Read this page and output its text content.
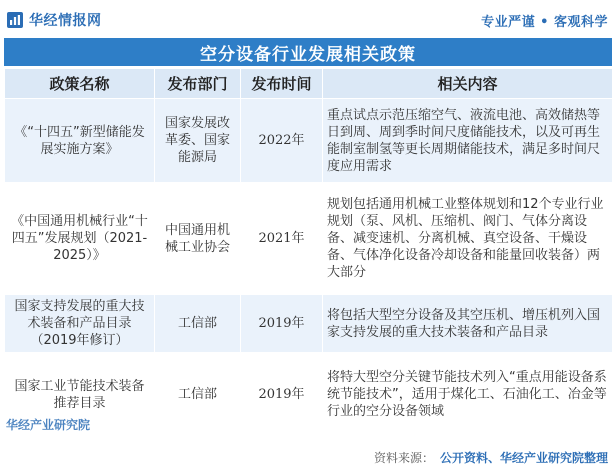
华经情报网	专业严谨 • 客观科学
空分设备行业发展相关政策
政策名称	发布部门	发布时间	相关内容
《“十四五”新型储能发展实施方案》	国家发展改革委、国家能源局	2022年	重点试点示范压缩空气、液流电池、高效储热等日到周、周到季时间尺度储能技术，以及可再生能制室制氢等更长周期储能技术，满足多时间尺度应用需求
《中国通用机械行业“十四五”发展规划（2021-2025）》	中国通用机械工业协会	2021年	规划包括通用机械工业整体规划和12个专业行业规划（泵、风机、压缩机、阀门、气体分离设备、减变速机、分离机械、真空设备、干燥设备、气体净化设备冷却设备和能量回收装备）两大部分
国家支持发展的重大技术装备和产品目录（2019年修订）	工信部	2019年	将包括大型空分设备及其空压机、增压机列入国家支持发展的重大技术装备和产品目录
国家工业节能技术装备推荐目录	工信部	2019年	将特大型空分关键节能技术列入“重点用能设备系统节能技术”，适用于煤化工、石油化工、冶金等行业的空分设备领域
华经产业研究院
资料来源： 公开资料、华经产业研究院整理
